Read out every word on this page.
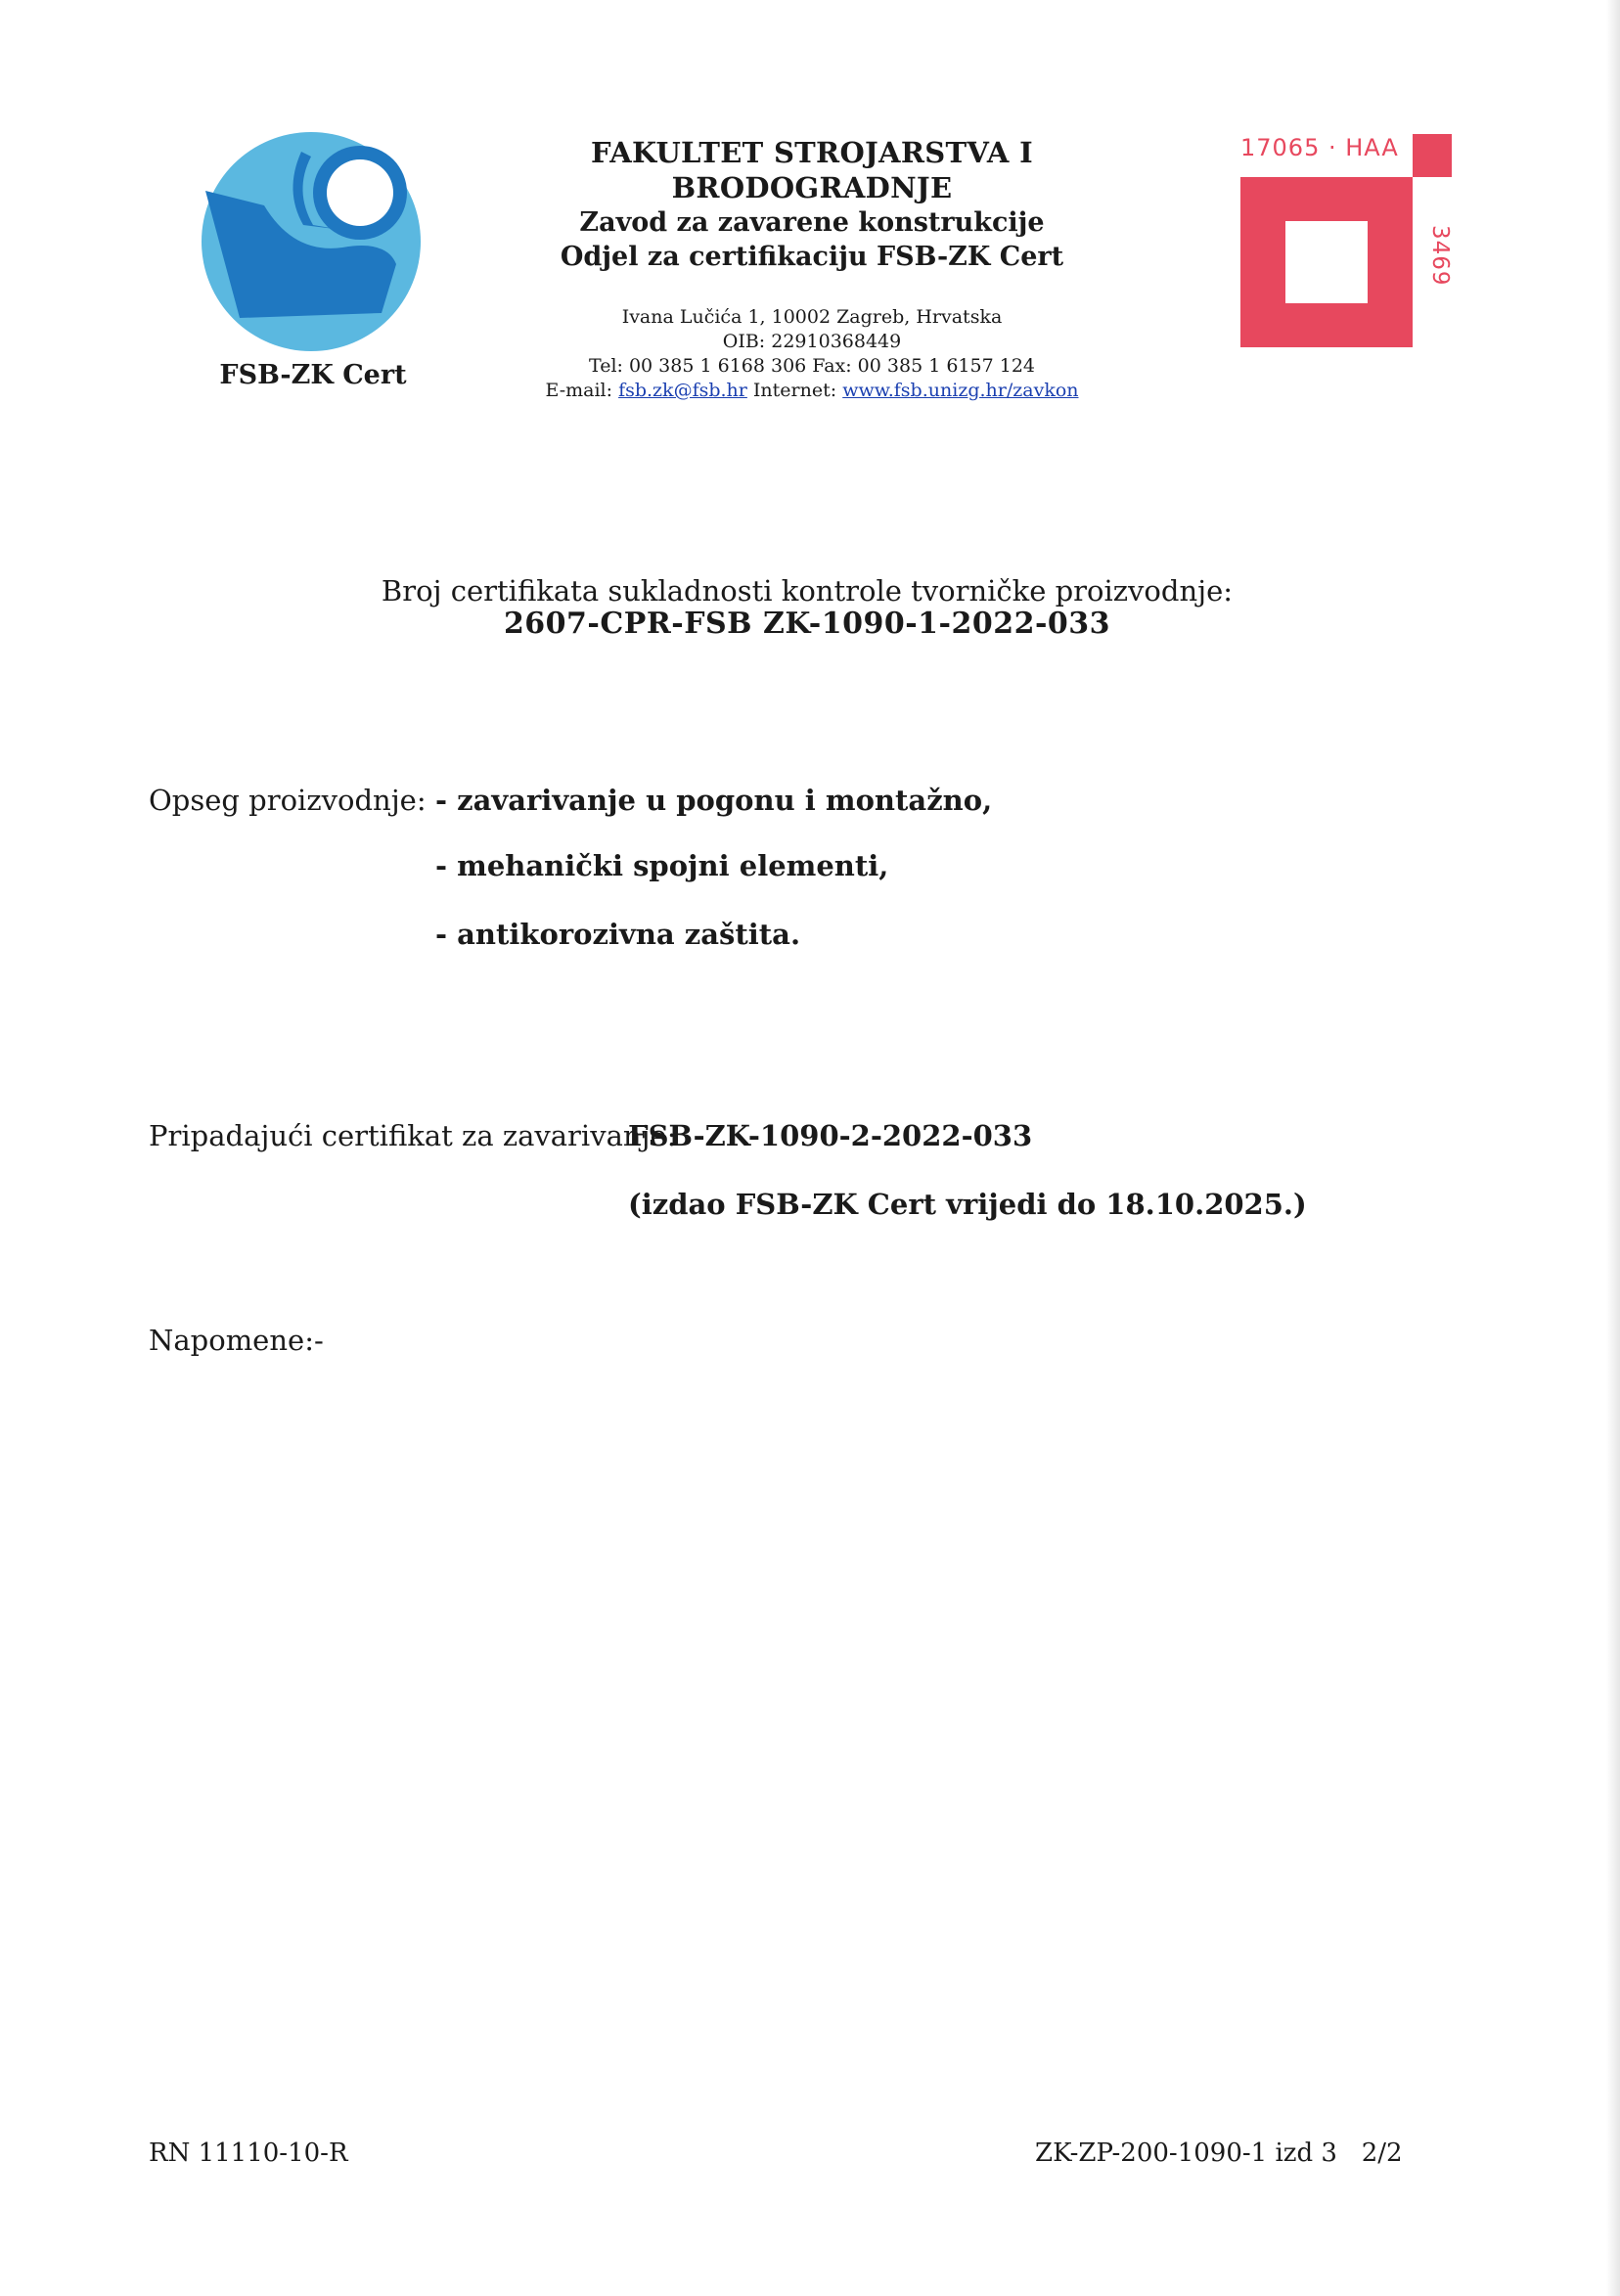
FSB-ZK Cert
FAKULTET STROJARSTVA I BRODOGRADNJE
Zavod za zavarene konstrukcije
Odjel za certifikaciju FSB-ZK Cert
Ivana Lučića 1, 10002 Zagreb, Hrvatska
OIB: 22910368449
Tel: 00 385 1 6168 306 Fax: 00 385 1 6157 124
E-mail: fsb.zk@fsb.hr Internet: www.fsb.unizg.hr/zavkon
17065 · HAA
3469
Broj certifikata sukladnosti kontrole tvorničke proizvodnje:
2607-CPR-FSB ZK-1090-1-2022-033
Opseg proizvodnje: - zavarivanje u pogonu i montažno,
- mehanički spojni elementi,
- antikorozivna zaštita.
Pripadajući certifikat za zavarivanje:
FSB-ZK-1090-2-2022-033
(izdao FSB-ZK Cert vrijedi do 18.10.2025.)
Napomene:-
RN 11110-10-R	ZK-ZP-200-1090-1 izd 3   2/2
